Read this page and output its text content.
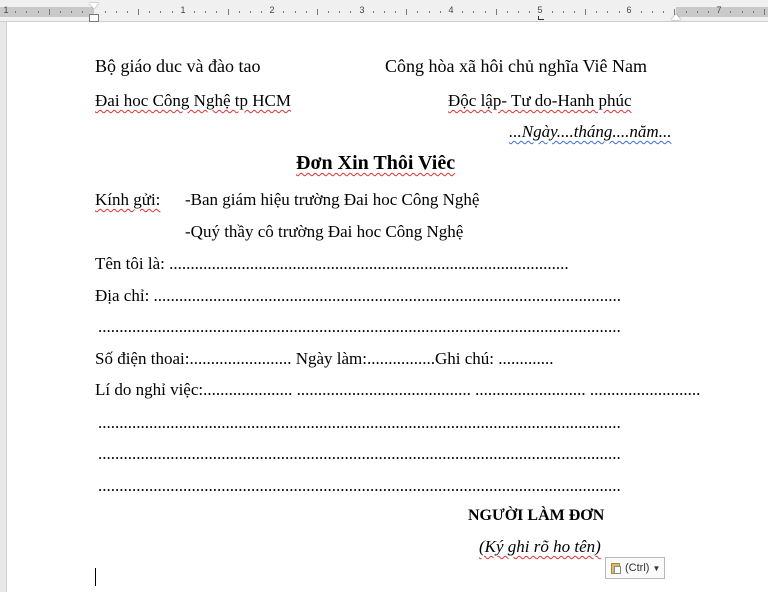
1	1	2	3	4	5	6	7
Bộ giáo duc và đào tao	Công hòa xã hôi chủ nghĩa Viê Nam
Đai hoc Công Nghệ tp HCM	Độc lập- Tư do-Hanh phúc
...Ngày....tháng....năm...
Đơn Xin Thôi Viêc
Kính gửi: -Ban giám hiệu trường Đai hoc Công Nghệ
-Quý thầy cô trường Đai hoc Công Nghệ
Tên tôi là: ..............................................................................................
Địa chỉ: ..............................................................................................................
...........................................................................................................................
Số điện thoai:........................ Ngày làm:................Ghi chú: .............
Lí do nghỉ việc:..................... ......................................... .......................... ..........................
...........................................................................................................................
...........................................................................................................................
...........................................................................................................................
NGƯỜI LÀM ĐƠN
(Ký ghi rõ ho tên)
(Ctrl) ▼
